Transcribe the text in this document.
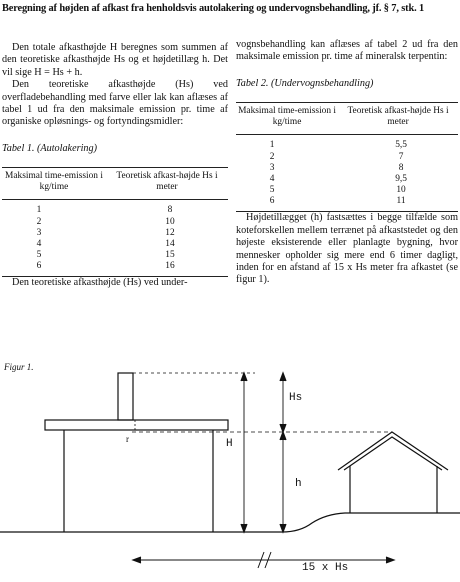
Beregning af højden af afkast fra henholdsvis autolakering og undervognsbehandling, jf. § 7, stk. 1

Den totale afkasthøjde H beregnes som summen af den teoretiske afkasthøjde Hs og et højdetillæg h. Det vil sige H = Hs + h.

Den teoretiske afkasthøjde (Hs) ved overfladebehandling med farve eller lak kan aflæses af tabel 1 ud fra den maksimale emission pr. time af organiske opløsnings- og fortyndingsmidler:

Tabel 1. (Autolakering)
Maksimal time-emission i kg/time	Teoretisk afkast-højde Hs i meter
1	8
2	10
3	12
4	14
5	15
6	16

Den teoretiske afkasthøjde (Hs) ved under-

vognsbehandling kan aflæses af tabel 2 ud fra den maksimale emission pr. time af mineralsk terpentin:

Tabel 2. (Undervognsbehandling)
Maksimal time-emission i kg/time	Teoretisk afkast-højde Hs i meter
1	5,5
2	7
3	8
4	9,5
5	10
6	11

Højdetillægget (h) fastsættes i begge tilfælde som koteforskellen mellem terrænet på afkaststedet og den højeste eksisterende eller planlagte bygning, hvor mennesker opholder sig mere end 6 timer dagligt, inden for en afstand af 15 x Hs meter fra afkastet (se figur 1).

Figur 1.
r
Hs
H
h
15 x Hs
